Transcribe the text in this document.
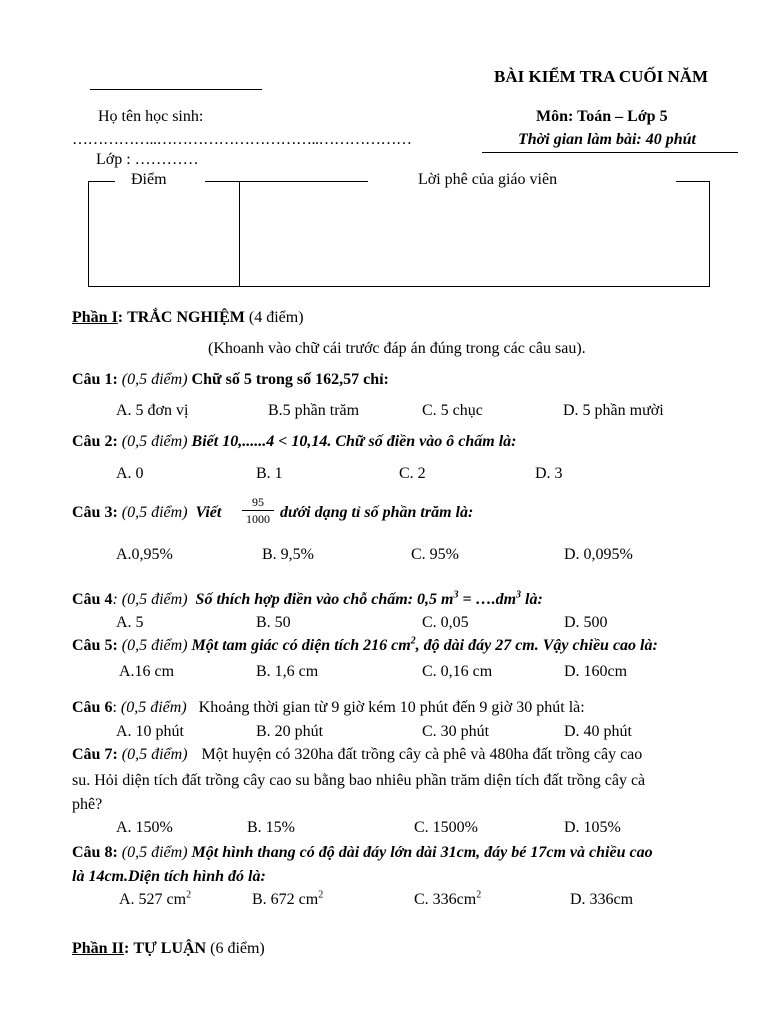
BÀI KIỂM TRA CUỐI NĂM
Họ tên học sinh:	Môn: Toán – Lớp 5
……………..…………………………..………………	Thời gian làm bài: 40 phút
Lớp : …………
Điểm	Lời phê của giáo viên
Phần I: TRẮC NGHIỆM (4 điểm)
(Khoanh vào chữ cái trước đáp án đúng trong các câu sau).
Câu 1: (0,5 điểm) Chữ số 5 trong số 162,57 chỉ:
A. 5 đơn vị	B.5 phần trăm	C. 5 chục	D. 5 phần mười
Câu 2: (0,5 điểm) Biết 10,......4 < 10,14. Chữ số điền vào ô chấm là:
A. 0	B. 1	C. 2	D. 3
Câu 3: (0,5 điểm) Viết
95
1000 dưới dạng tỉ số phần trăm là:
A.0,95%	B. 9,5%	C. 95%	D. 0,095%
Câu 4: (0,5 điểm) Số thích hợp điền vào chỗ chấm: 0,5 $m^3$ = $\dots.dm^3$ là:
A. 5	B. 50	C. 0,05	D. 500
Câu 5: (0,5 điểm) Một tam giác có diện tích 216 $cm^2$, độ dài đáy 27 cm. Vậy chiều cao là:
A.16 cm	B. 1,6 cm	C. 0,16 cm	D. 160cm
Câu 6: (0,5 điểm) Khoảng thời gian từ 9 giờ kém 10 phút đến 9 giờ 30 phút là:
A. 10 phút	B. 20 phút	C. 30 phút	D. 40 phút
Câu 7: (0,5 điểm) Một huyện có 320ha đất trồng cây cà phê và 480ha đất trồng cây cao
su. Hỏi diện tích đất trồng cây cao su bằng bao nhiêu phần trăm diện tích đất trồng cây cà
phê?
A. 150%	B. 15%	C. 1500%	D. 105%
Câu 8: (0,5 điểm) Một hình thang có độ dài đáy lớn dài 31cm, đáy bé 17cm và chiều cao
là 14cm.Diện tích hình đó là:
A. 527 $cm^2$	B. 672 $cm^2$	C. $336cm^2$	D. 336cm
Phần II: TỰ LUẬN (6 điểm)
